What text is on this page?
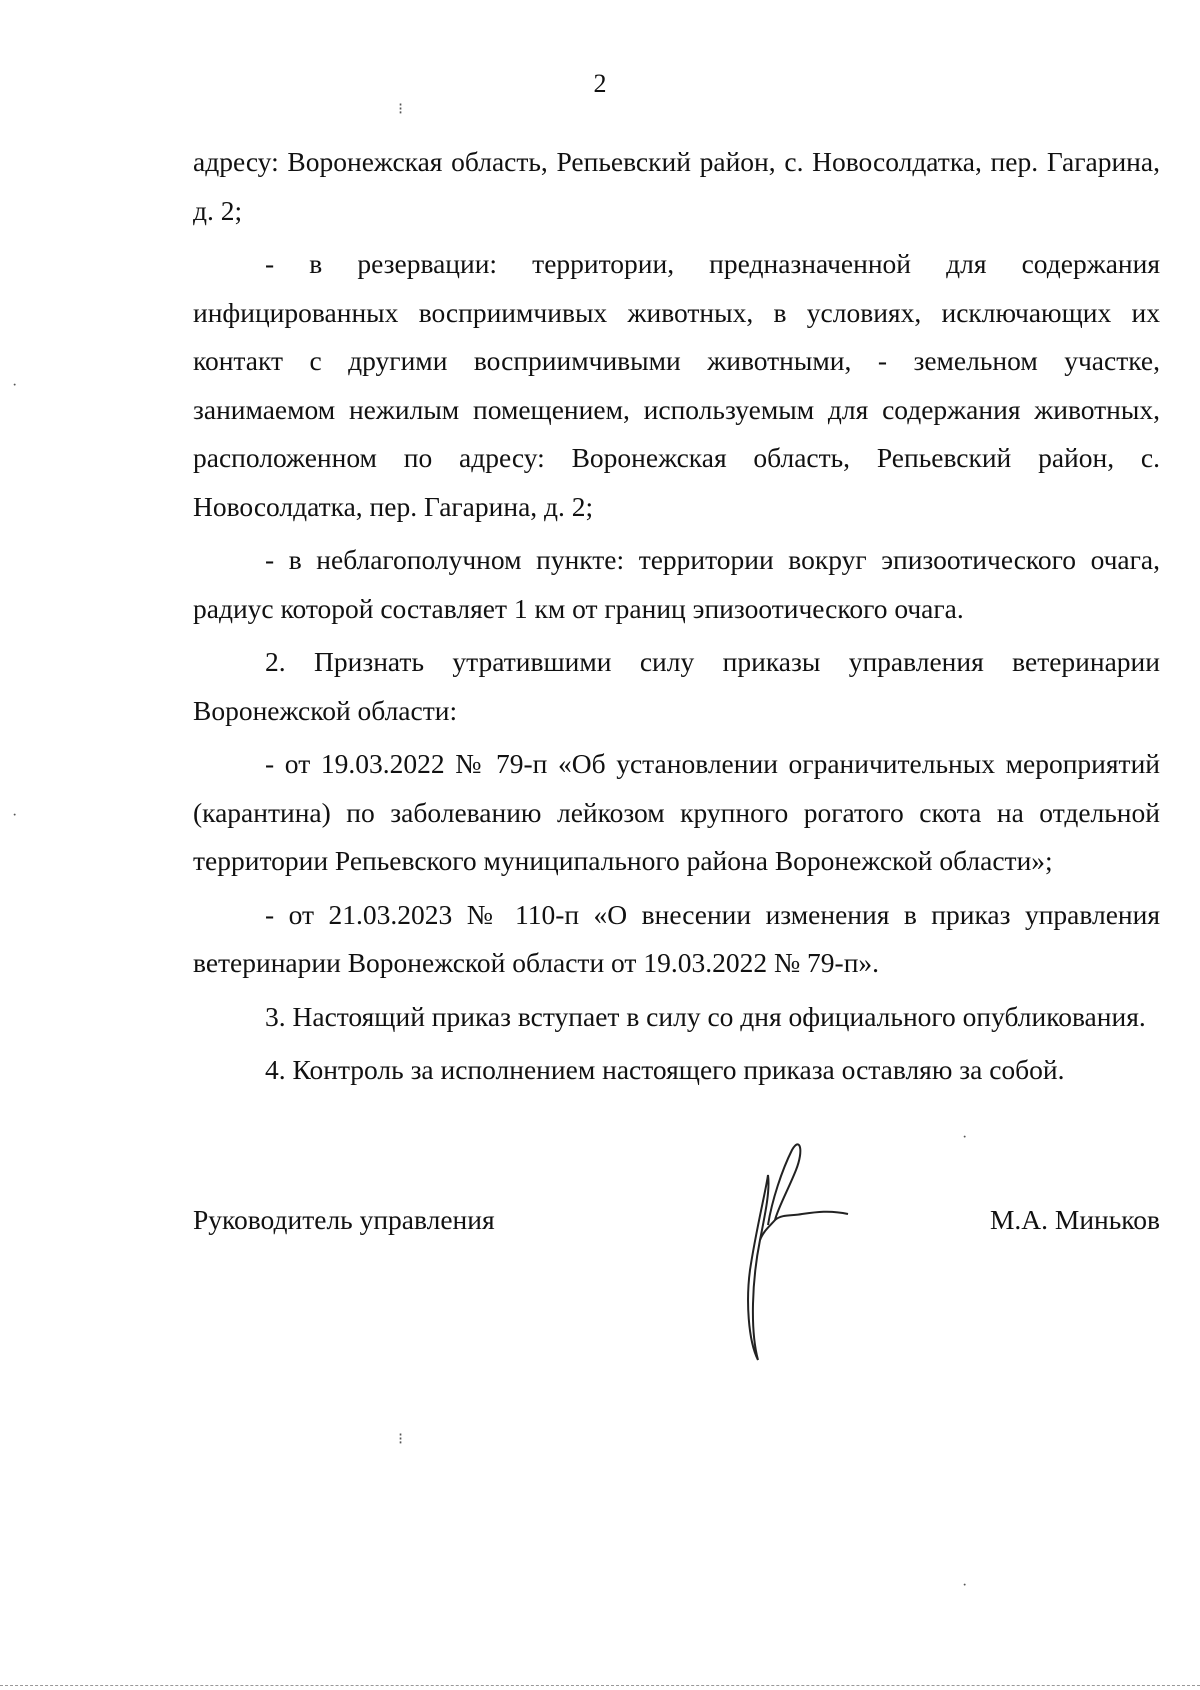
2

адресу: Воронежская область, Репьевский район, с. Новосолдатка, пер. Гагарина, д. 2;

- в резервации: территории, предназначенной для содержания инфицированных восприимчивых животных, в условиях, исключающих их контакт с другими восприимчивыми животными, - земельном участке, занимаемом нежилым помещением, используемым для содержания животных, расположенном по адресу: Воронежская область, Репьевский район, с. Новосолдатка, пер. Гагарина, д. 2;

- в неблагополучном пункте: территории вокруг эпизоотического очага, радиус которой составляет 1 км от границ эпизоотического очага.

2. Признать утратившими силу приказы управления ветеринарии Воронежской области:

- от 19.03.2022 № 79-п «Об установлении ограничительных мероприятий (карантина) по заболеванию лейкозом крупного рогатого скота на отдельной территории Репьевского муниципального района Воронежской области»;

- от 21.03.2023 № 110-п «О внесении изменения в приказ управления ветеринарии Воронежской области от 19.03.2022 № 79-п».

3. Настоящий приказ вступает в силу со дня официального опубликования.

4. Контроль за исполнением настоящего приказа оставляю за собой.

Руководитель управления	М.А. Миньков
⁝
⁝
·
·
·
·
